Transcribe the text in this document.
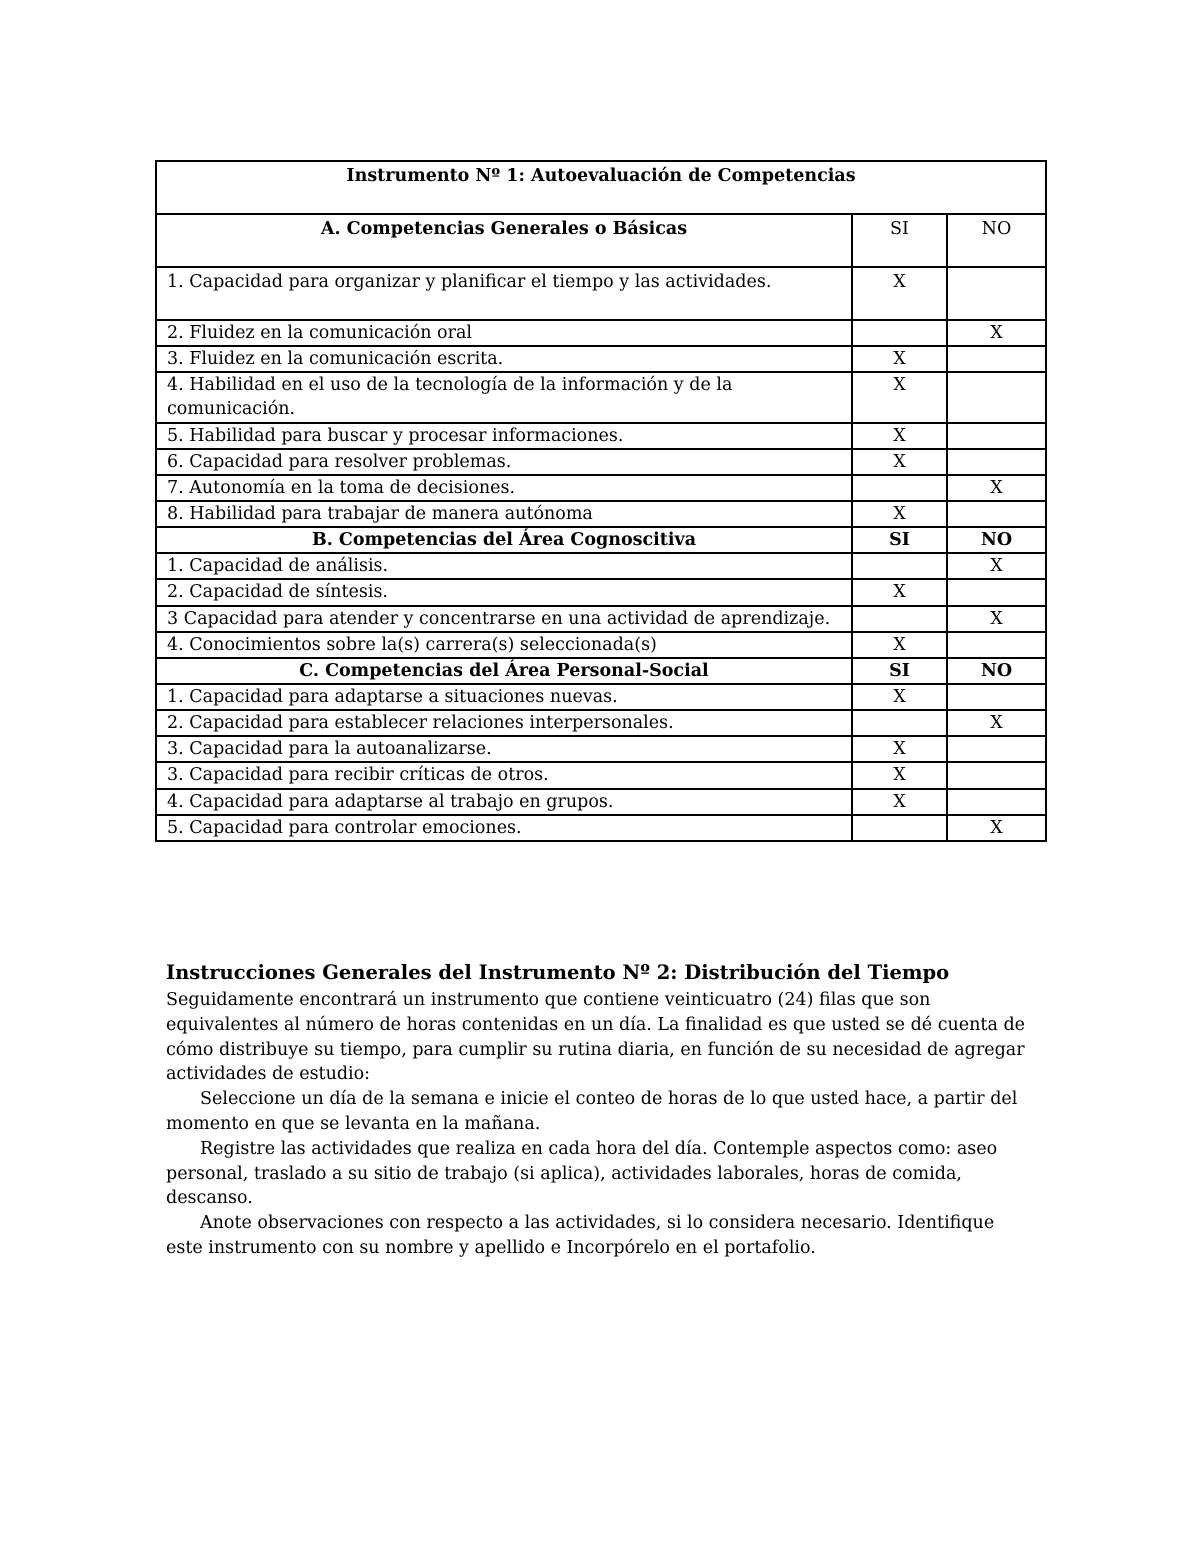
Instrumento Nº 1: Autoevaluación de Competencias		
A. Competencias Generales o Básicas	SI	NO
1. Capacidad para organizar y planificar el tiempo y las actividades.	X	
2. Fluidez en la comunicación oral		X
3. Fluidez en la comunicación escrita.	X	
4. Habilidad en el uso de la tecnología de la información y de la comunicación.	X	
5. Habilidad para buscar y procesar informaciones.	X	
6. Capacidad para resolver problemas.	X	
7. Autonomía en la toma de decisiones.		X
8. Habilidad para trabajar de manera autónoma	X	
B. Competencias del Área Cognoscitiva	SI	NO
1. Capacidad de análisis.		X
2. Capacidad de síntesis.	X	
3 Capacidad para atender y concentrarse en una actividad de aprendizaje.		X
4. Conocimientos sobre la(s) carrera(s) seleccionada(s)	X	
C. Competencias del Área Personal-Social	SI	NO
1. Capacidad para adaptarse a situaciones nuevas.	X	
2. Capacidad para establecer relaciones interpersonales.		X
3. Capacidad para la autoanalizarse.	X	
3. Capacidad para recibir críticas de otros.	X	
4. Capacidad para adaptarse al trabajo en grupos.	X	
5. Capacidad para controlar emociones.		X
Instrucciones Generales del Instrumento Nº 2: Distribución del Tiempo

Seguidamente encontrará un instrumento que contiene veinticuatro (24) filas que son equivalentes al número de horas contenidas en un día. La finalidad es que usted se dé cuenta de cómo distribuye su tiempo, para cumplir su rutina diaria, en función de su necesidad de agregar actividades de estudio:

Seleccione un día de la semana e inicie el conteo de horas de lo que usted hace, a partir del momento en que se levanta en la mañana.

Registre las actividades que realiza en cada hora del día. Contemple aspectos como: aseo personal, traslado a su sitio de trabajo (si aplica), actividades laborales, horas de comida, descanso.

Anote observaciones con respecto a las actividades, si lo considera necesario. Identifique este instrumento con su nombre y apellido e Incorpórelo en el portafolio.
